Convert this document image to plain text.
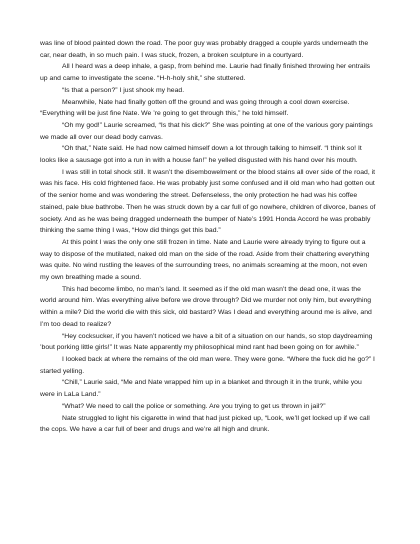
was line of blood painted down the road. The poor guy was probably dragged a couple yards underneath the car, near death, in so much pain. I was stuck, frozen, a broken sculpture in a courtyard.

All I heard was a deep inhale, a gasp, from behind me. Laurie had finally finished throwing her entrails up and came to investigate the scene. “H-h-holy shit,” she stuttered.

“Is that a person?” I just shook my head.

Meanwhile, Nate had finally gotten off the ground and was going through a cool down exercise. “Everything will be just fine Nate. We ’re going to get through this,” he told himself.

“Oh my god!” Laurie screamed, “Is that his dick?” She was pointing at one of the various gory paintings we made all over our dead body canvas.

“Oh that,” Nate said. He had now calmed himself down a lot through talking to himself. “I think so! It looks like a sausage got into a run in with a house fan!” he yelled disgusted with his hand over his mouth.

I was still in total shock still. It wasn’t the disembowelment or the blood stains all over side of the road, it was his face. His cold frightened face. He was probably just some confused and ill old man who had gotten out of the senior home and was wondering the street. Defenseless, the only protection he had was his coffee stained, pale blue bathrobe. Then he was struck down by a car full of go nowhere, children of divorce, banes of society. And as he was being dragged underneath the bumper of Nate’s 1991 Honda Accord he was probably thinking the same thing I was, “How did things get this bad.”

At this point I was the only one still frozen in time. Nate and Laurie were already trying to figure out a way to dispose of the mutilated, naked old man on the side of the road. Aside from their chattering everything was quite. No wind rustling the leaves of the surrounding trees, no animals screaming at the moon, not even my own breathing made a sound.

This had become limbo, no man’s land. It seemed as if the old man wasn’t the dead one, it was the world around him. Was everything alive before we drove through? Did we murder not only him, but everything within a mile? Did the world die with this sick, old bastard? Was I dead and everything around me is alive, and I’m too dead to realize?

“Hey cocksucker, if you haven’t noticed we have a bit of a situation on our hands, so stop daydreaming ’bout porking little girls!” It was Nate apparently my philosophical mind rant had been going on for awhile.”

I looked back at where the remains of the old man were. They were gone. “Where the fuck did he go?” I started yelling.

“Chill,” Laurie said, “Me and Nate wrapped him up in a blanket and through it in the trunk, while you were in LaLa Land.”

“What? We need to call the police or something. Are you trying to get us thrown in jail?”

Nate struggled to light his cigarette in wind that had just picked up, “Look, we’ll get locked up if we call the cops. We have a car full of beer and drugs and we’re all high and drunk.
